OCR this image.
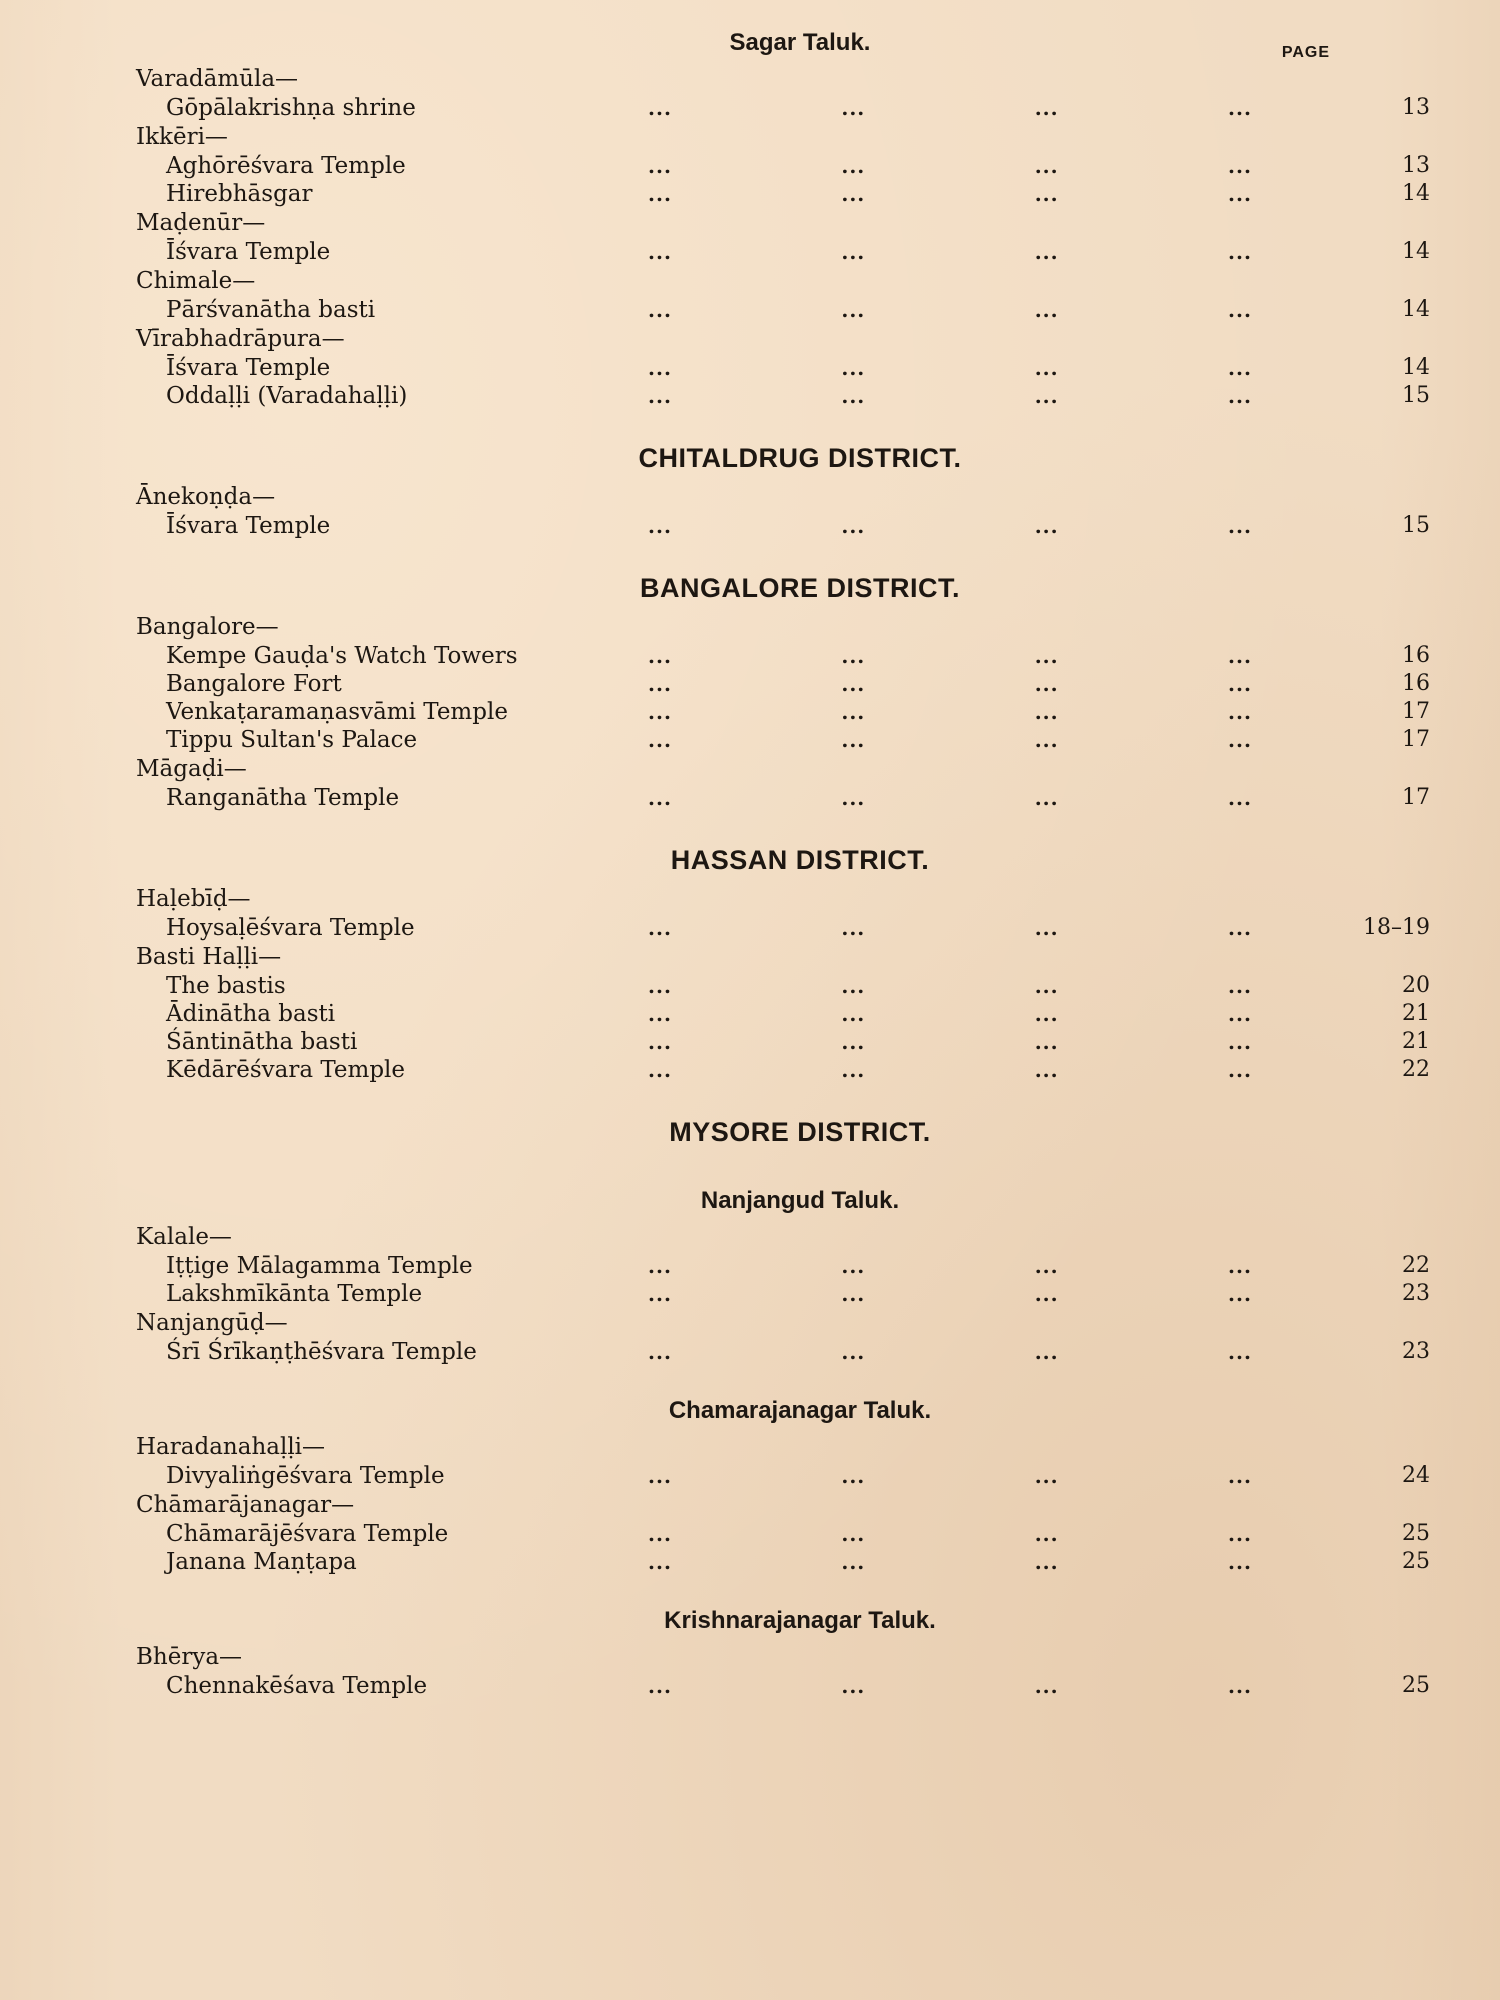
PAGE
Sagar Taluk.
Varadāmūla—
Gōpālakrishṇa shrine	...	...	...	...	13
Ikkēri—
Aghōrēśvara Temple	...	...	...	...	13
Hirebhāsgar	...	...	...	...	14
Maḍenūr—
Īśvara Temple	...	...	...	...	14
Chimale—
Pārśvanātha basti	...	...	...	...	14
Vīrabhadrāpura—
Īśvara Temple	...	...	...	...	14
Oddaḷḷi (Varadahaḷḷi)	...	...	...	...	15
CHITALDRUG DISTRICT.
Ānekoṇḍa—
Īśvara Temple	...	...	...	...	15
BANGALORE DISTRICT.
Bangalore—
Kempe Gauḍa's Watch Towers	...	...	...	...	16
Bangalore Fort	...	...	...	...	16
Venkaṭaramaṇasvāmi Temple	...	...	...	...	17
Tippu Sultan's Palace	...	...	...	...	17
Māgaḍi—
Ranganātha Temple	...	...	...	...	17
HASSAN DISTRICT.
Haḷebīḍ—
Hoysaḷēśvara Temple	...	...	...	...	18–19
Basti Haḷḷi—
The bastis	...	...	...	...	20
Ādinātha basti	...	...	...	...	21
Śāntinātha basti	...	...	...	...	21
Kēdārēśvara Temple	...	...	...	...	22
MYSORE DISTRICT.
Nanjangud Taluk.
Kalale—
Iṭṭige Mālagamma Temple	...	...	...	...	22
Lakshmīkānta Temple	...	...	...	...	23
Nanjangūḍ—
Śrī Śrīkaṇṭhēśvara Temple	...	...	...	...	23
Chamarajanagar Taluk.
Haradanahaḷḷi—
Divyaliṅgēśvara Temple	...	...	...	...	24
Chāmarājanagar—
Chāmarājēśvara Temple	...	...	...	...	25
Janana Maṇṭapa	...	...	...	...	25
Krishnarajanagar Taluk.
Bhērya—
Chennakēśava Temple	...	...	...	...	25
